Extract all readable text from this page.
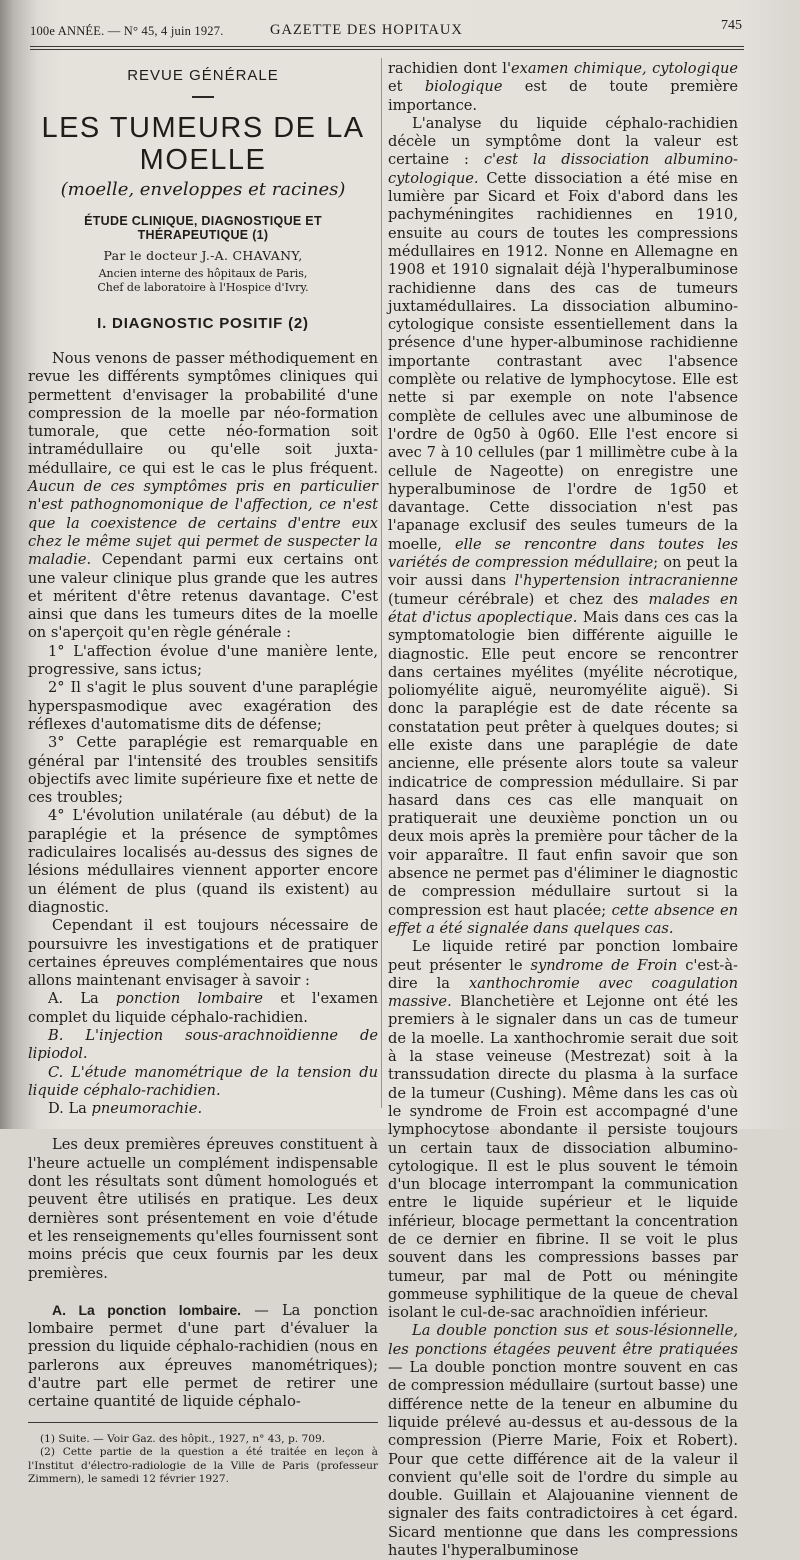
100e ANNÉE. — N° 45, 4 juin 1927.	GAZETTE DES HOPITAUX	745
REVUE GÉNÉRALE
LES TUMEURS DE LA MOELLE
(moelle, enveloppes et racines)
ÉTUDE CLINIQUE, DIAGNOSTIQUE ET THÉRAPEUTIQUE (1)
Par le docteur J.-A. CHAVANY,
Ancien interne des hôpitaux de Paris,
Chef de laboratoire à l'Hospice d'Ivry.
I. DIAGNOSTIC POSITIF (2)

Nous venons de passer méthodiquement en revue les différents symptômes cliniques qui permettent d'envisager la probabilité d'une compression de la moelle par néo-formation tumorale, que cette néo-formation soit intramédullaire ou qu'elle soit juxta-médullaire, ce qui est le cas le plus fréquent. Aucun de ces symptômes pris en particulier n'est pathognomonique de l'affection, ce n'est que la coexistence de certains d'entre eux chez le même sujet qui permet de suspecter la maladie. Cependant parmi eux certains ont une valeur clinique plus grande que les autres et méritent d'être retenus davantage. C'est ainsi que dans les tumeurs dites de la moelle on s'aperçoit qu'en règle générale :

1° L'affection évolue d'une manière lente, progressive, sans ictus;

2° Il s'agit le plus souvent d'une paraplégie hyperspasmodique avec exagération des réflexes d'automatisme dits de défense;

3° Cette paraplégie est remarquable en général par l'intensité des troubles sensitifs objectifs avec limite supérieure fixe et nette de ces troubles;

4° L'évolution unilatérale (au début) de la paraplégie et la présence de symptômes radiculaires localisés au-dessus des signes de lésions médullaires viennent apporter encore un élément de plus (quand ils existent) au diagnostic.

Cependant il est toujours nécessaire de poursuivre les investigations et de pratiquer certaines épreuves complémentaires que nous allons maintenant envisager à savoir :

A. La ponction lombaire et l'examen complet du liquide céphalo-rachidien.

B. L'injection sous-arachnoïdienne de lipiodol.

C. L'étude manométrique de la tension du liquide céphalo-rachidien.

D. La pneumorachie.

Les deux premières épreuves constituent à l'heure actuelle un complément indispensable dont les résultats sont dûment homologués et peuvent être utilisés en pratique. Les deux dernières sont présentement en voie d'étude et les renseignements qu'elles fournissent sont moins précis que ceux fournis par les deux premières.

A. La ponction lombaire. — La ponction lombaire permet d'une part d'évaluer la pression du liquide céphalo-rachidien (nous en parlerons aux épreuves manométriques); d'autre part elle permet de retirer une certaine quantité de liquide céphalo-

(1) Suite. — Voir Gaz. des hôpit., 1927, n° 43, p. 709.

(2) Cette partie de la question a été traitée en leçon à l'Institut d'électro-radiologie de la Ville de Paris (professeur Zimmern), le samedi 12 février 1927.

rachidien dont l'examen chimique, cytologique et biologique est de toute première importance.

L'analyse du liquide céphalo-rachidien décèle un symptôme dont la valeur est certaine : c'est la dissociation albumino-cytologique. Cette dissociation a été mise en lumière par Sicard et Foix d'abord dans les pachyméningites rachidiennes en 1910, ensuite au cours de toutes les compressions médullaires en 1912. Nonne en Allemagne en 1908 et 1910 signalait déjà l'hyperalbuminose rachidienne dans des cas de tumeurs juxtamédullaires. La dissociation albumino-cytologique consiste essentiellement dans la présence d'une hyper-albuminose rachidienne importante contrastant avec l'absence complète ou relative de lymphocytose. Elle est nette si par exemple on note l'absence complète de cellules avec une albuminose de l'ordre de 0g50 à 0g60. Elle l'est encore si avec 7 à 10 cellules (par 1 millimètre cube à la cellule de Nageotte) on enregistre une hyperalbuminose de l'ordre de 1g50 et davantage. Cette dissociation n'est pas l'apanage exclusif des seules tumeurs de la moelle, elle se rencontre dans toutes les variétés de compression médullaire; on peut la voir aussi dans l'hypertension intracranienne (tumeur cérébrale) et chez des malades en état d'ictus apoplectique. Mais dans ces cas la symptomatologie bien différente aiguille le diagnostic. Elle peut encore se rencontrer dans certaines myélites (myélite nécrotique, poliomyélite aiguë, neuromyélite aiguë). Si donc la paraplégie est de date récente sa constatation peut prêter à quelques doutes; si elle existe dans une paraplégie de date ancienne, elle présente alors toute sa valeur indicatrice de compression médullaire. Si par hasard dans ces cas elle manquait on pratiquerait une deuxième ponction un ou deux mois après la première pour tâcher de la voir apparaître. Il faut enfin savoir que son absence ne permet pas d'éliminer le diagnostic de compression médullaire surtout si la compression est haut placée; cette absence en effet a été signalée dans quelques cas.

Le liquide retiré par ponction lombaire peut présenter le syndrome de Froin c'est-à-dire la xanthochromie avec coagulation massive. Blanchetière et Lejonne ont été les premiers à le signaler dans un cas de tumeur de la moelle. La xanthochromie serait due soit à la stase veineuse (Mestrezat) soit à la transsudation directe du plasma à la surface de la tumeur (Cushing). Même dans les cas où le syndrome de Froin est accompagné d'une lymphocytose abondante il persiste toujours un certain taux de dissociation albumino-cytologique. Il est le plus souvent le témoin d'un blocage interrompant la communication entre le liquide supérieur et le liquide inférieur, blocage permettant la concentration de ce dernier en fibrine. Il se voit le plus souvent dans les compressions basses par tumeur, par mal de Pott ou méningite gommeuse syphilitique de la queue de cheval isolant le cul-de-sac arachnoïdien inférieur.

La double ponction sus et sous-lésionnelle, les ponctions étagées peuvent être pratiquées — La double ponction montre souvent en cas de compression médullaire (surtout basse) une différence nette de la teneur en albumine du liquide prélevé au-dessus et au-dessous de la compression (Pierre Marie, Foix et Robert). Pour que cette différence ait de la valeur il convient qu'elle soit de l'ordre du simple au double. Guillain et Alajouanine viennent de signaler des faits contradictoires à cet égard. Sicard mentionne que dans les compressions hautes l'hyperalbuminose
